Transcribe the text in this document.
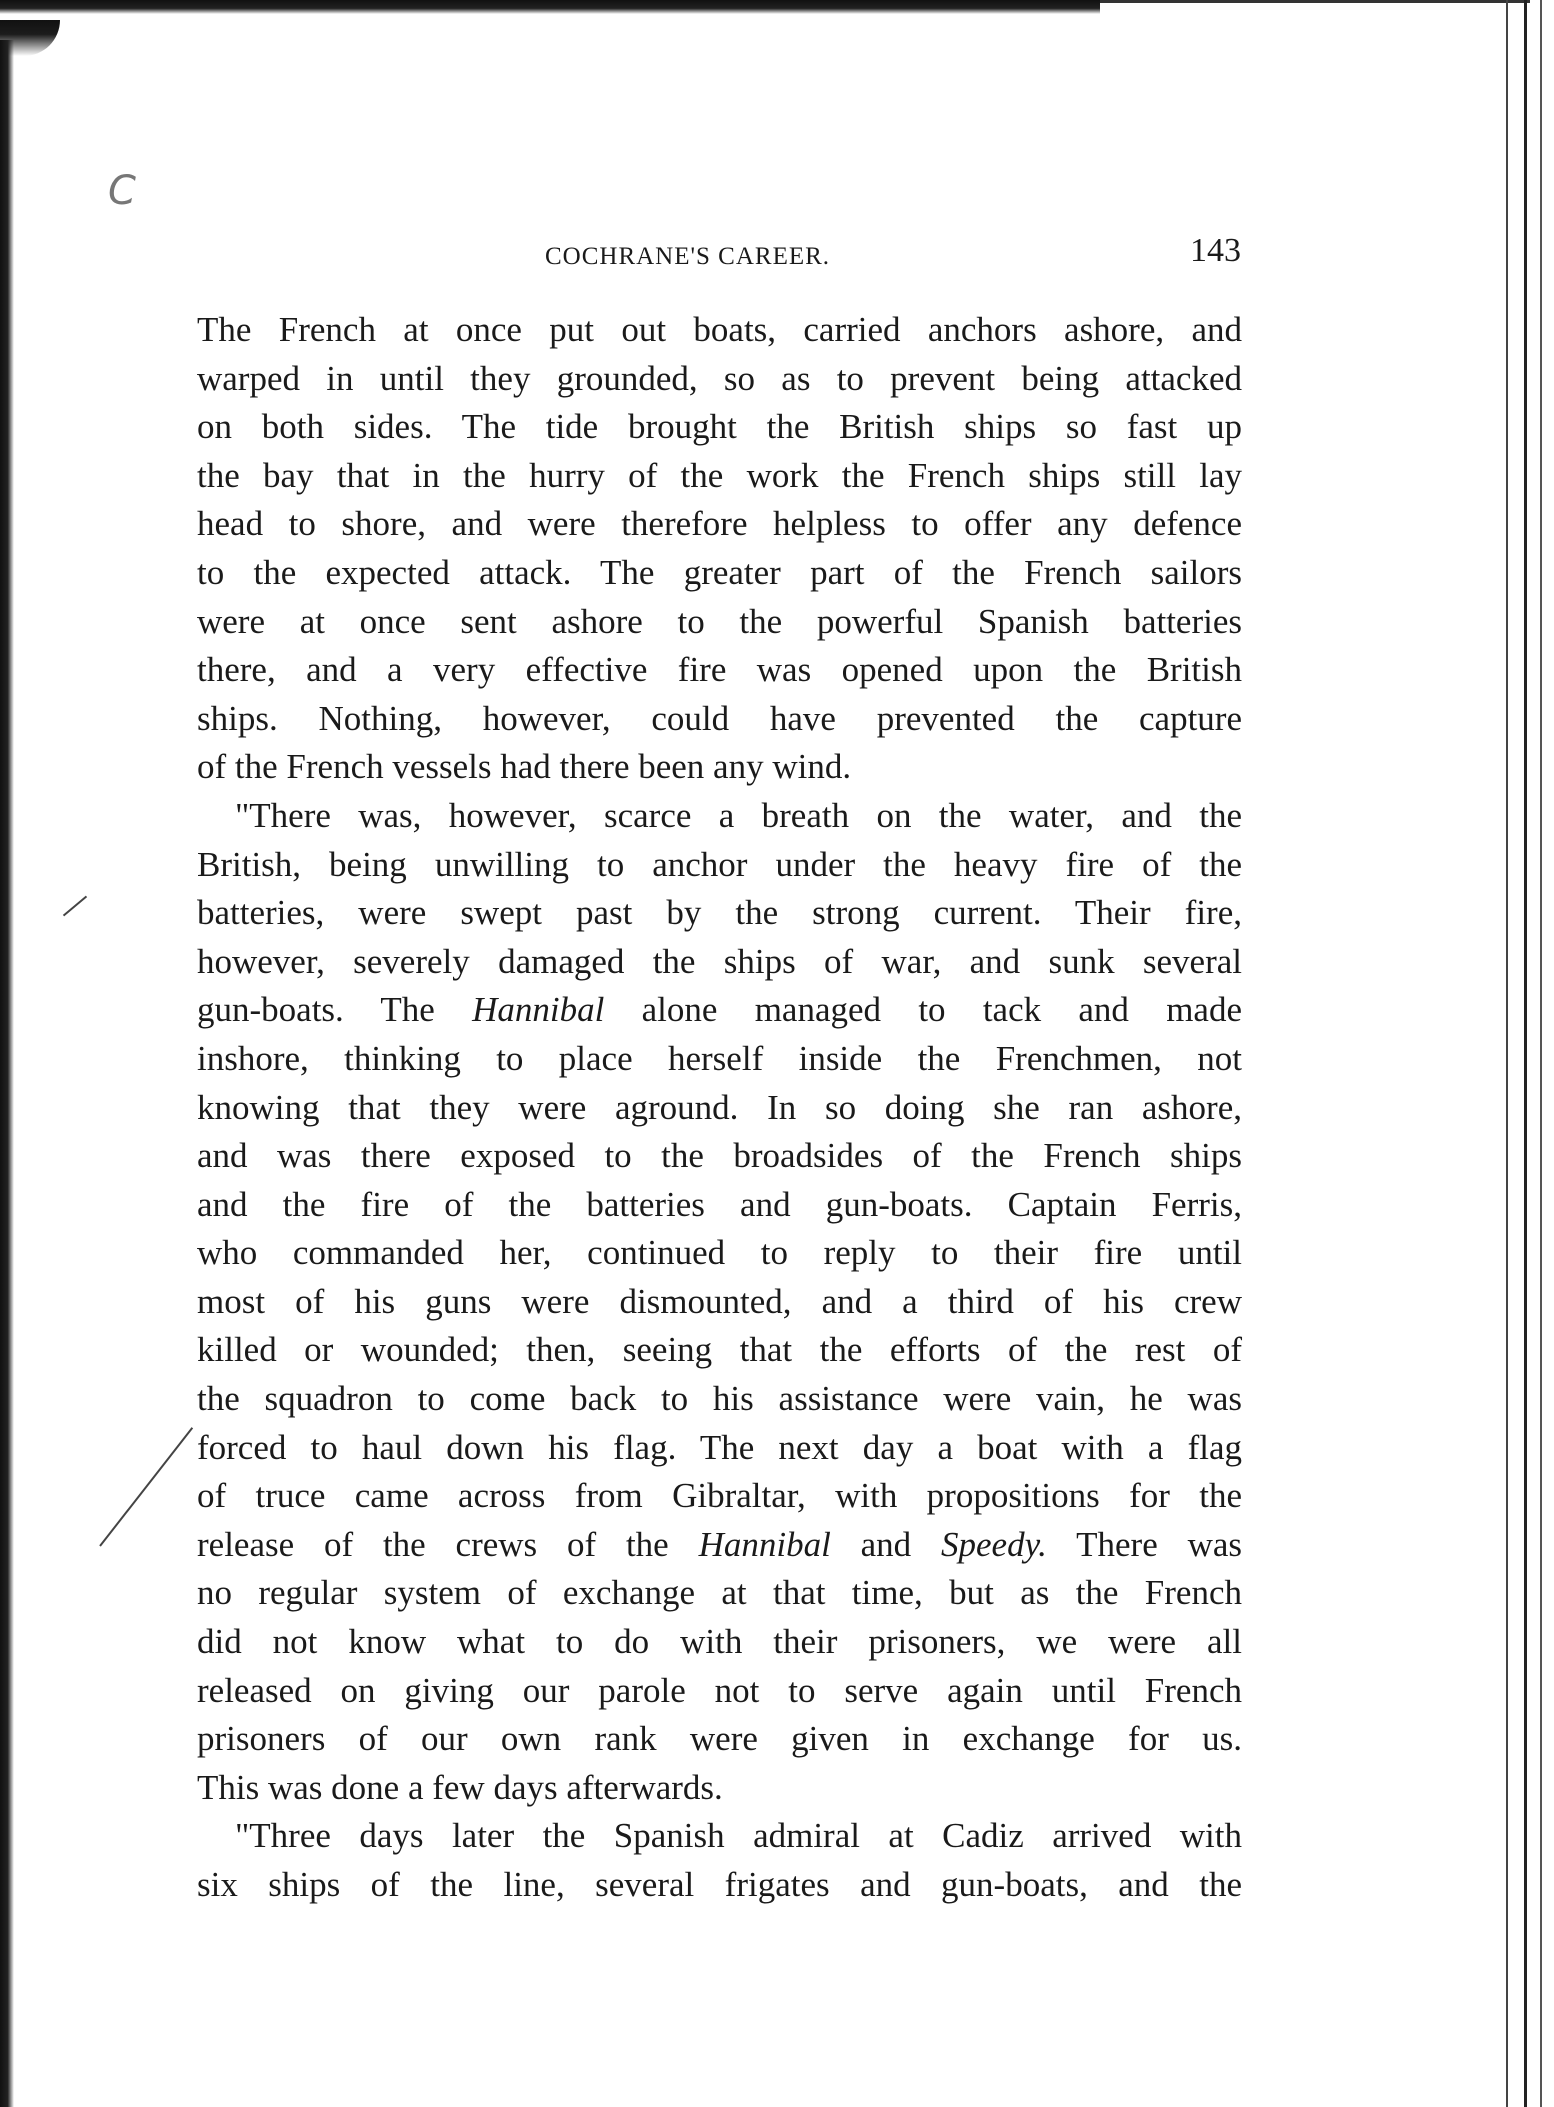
C
COCHRANE'S CAREER.	143
The French at once put out boats, carried anchors ashore, and
warped in until they grounded, so as to prevent being attacked
on both sides. The tide brought the British ships so fast up
the bay that in the hurry of the work the French ships still lay
head to shore, and were therefore helpless to offer any defence
to the expected attack. The greater part of the French sailors
were at once sent ashore to the powerful Spanish batteries
there, and a very effective fire was opened upon the British
ships. Nothing, however, could have prevented the capture
of the French vessels had there been any wind.
"There was, however, scarce a breath on the water, and the
British, being unwilling to anchor under the heavy fire of the
batteries, were swept past by the strong current. Their fire,
however, severely damaged the ships of war, and sunk several
gun-boats. The Hannibal alone managed to tack and made
inshore, thinking to place herself inside the Frenchmen, not
knowing that they were aground. In so doing she ran ashore,
and was there exposed to the broadsides of the French ships
and the fire of the batteries and gun-boats. Captain Ferris,
who commanded her, continued to reply to their fire until
most of his guns were dismounted, and a third of his crew
killed or wounded; then, seeing that the efforts of the rest of
the squadron to come back to his assistance were vain, he was
forced to haul down his flag. The next day a boat with a flag
of truce came across from Gibraltar, with propositions for the
release of the crews of the Hannibal and Speedy. There was
no regular system of exchange at that time, but as the French
did not know what to do with their prisoners, we were all
released on giving our parole not to serve again until French
prisoners of our own rank were given in exchange for us.
This was done a few days afterwards.
"Three days later the Spanish admiral at Cadiz arrived with
six ships of the line, several frigates and gun-boats, and the
